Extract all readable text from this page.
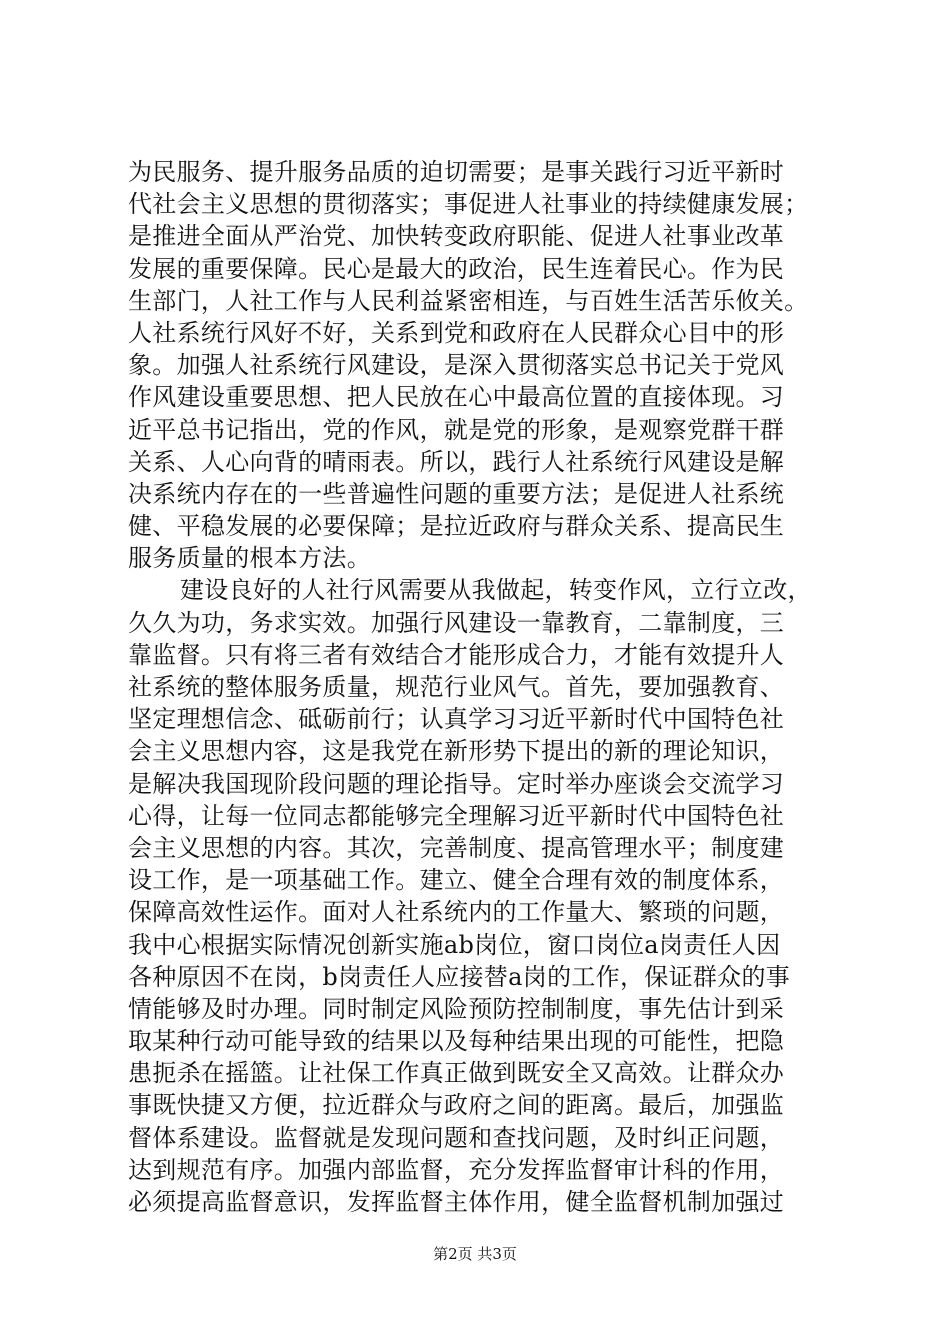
为民服务、提升服务品质的迫切需要；是事关践行习近平新时
代社会主义思想的贯彻落实；事促进人社事业的持续健康发展；
是推进全面从严治党、加快转变政府职能、促进人社事业改革
发展的重要保障。民心是最大的政治，民生连着民心。作为民
生部门，人社工作与人民利益紧密相连，与百姓生活苦乐攸关。
人社系统行风好不好，关系到党和政府在人民群众心目中的形
象。加强人社系统行风建设，是深入贯彻落实总书记关于党风
作风建设重要思想、把人民放在心中最高位置的直接体现。习
近平总书记指出，党的作风，就是党的形象，是观察党群干群
关系、人心向背的晴雨表。所以，践行人社系统行风建设是解
决系统内存在的一些普遍性问题的重要方法；是促进人社系统
健、平稳发展的必要保障；是拉近政府与群众关系、提高民生
服务质量的根本方法。
建设良好的人社行风需要从我做起，转变作风，立行立改，
久久为功，务求实效。加强行风建设一靠教育，二靠制度，三
靠监督。只有将三者有效结合才能形成合力，才能有效提升人
社系统的整体服务质量，规范行业风气。首先，要加强教育、
坚定理想信念、砥砺前行；认真学习习近平新时代中国特色社
会主义思想内容，这是我党在新形势下提出的新的理论知识，
是解决我国现阶段问题的理论指导。定时举办座谈会交流学习
心得，让每一位同志都能够完全理解习近平新时代中国特色社
会主义思想的内容。其次，完善制度、提高管理水平；制度建
设工作，是一项基础工作。建立、健全合理有效的制度体系，
保障高效性运作。面对人社系统内的工作量大、繁琐的问题，
我中心根据实际情况创新实施ab岗位，窗口岗位a岗责任人因
各种原因不在岗，b岗责任人应接替a岗的工作，保证群众的事
情能够及时办理。同时制定风险预防控制制度，事先估计到采
取某种行动可能导致的结果以及每种结果出现的可能性，把隐
患扼杀在摇篮。让社保工作真正做到既安全又高效。让群众办
事既快捷又方便，拉近群众与政府之间的距离。最后，加强监
督体系建设。监督就是发现问题和查找问题，及时纠正问题，
达到规范有序。加强内部监督，充分发挥监督审计科的作用，
必须提高监督意识，发挥监督主体作用，健全监督机制加强过
第2页 共3页
